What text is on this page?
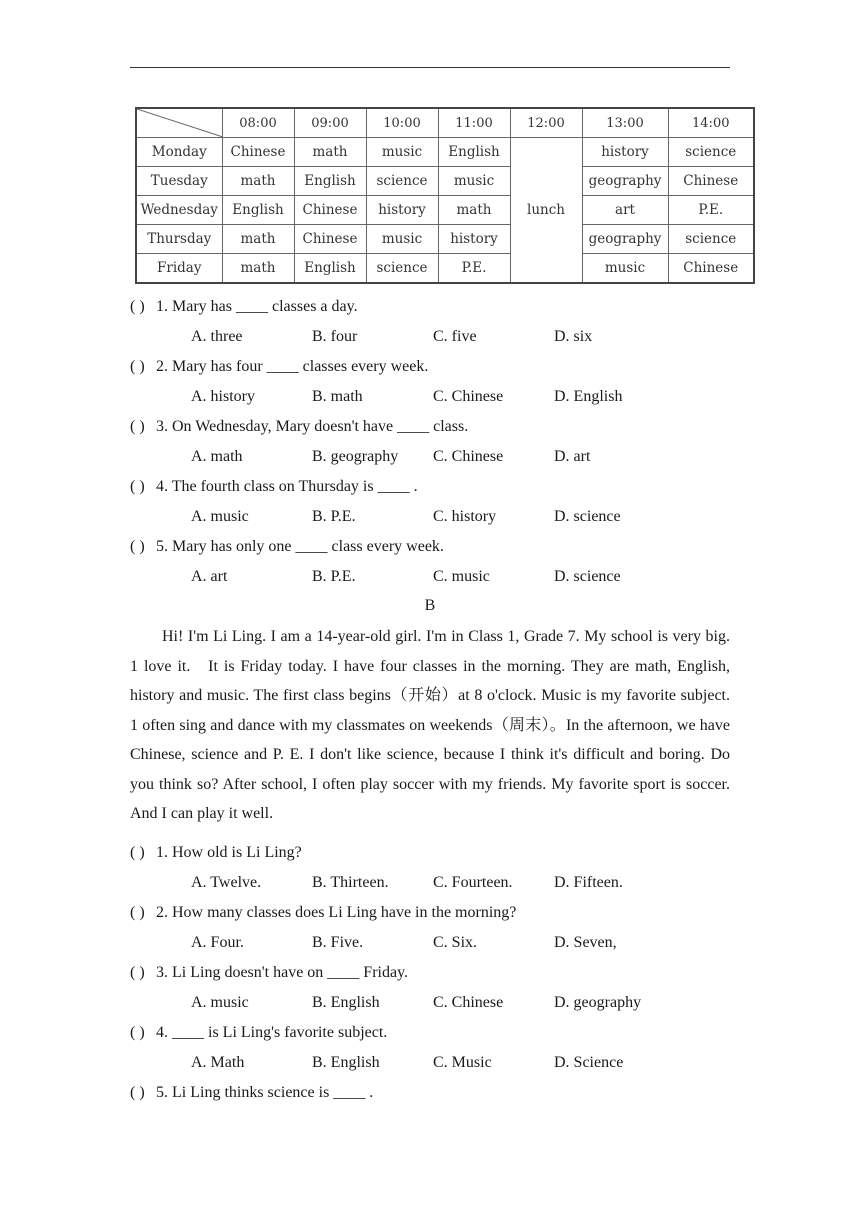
	08:00	09:00	10:00	11:00	12:00	13:00	14:00
Monday	Chinese	math	music	English	lunch	history	science
Tuesday	math	English	science	music		geography	Chinese
Wednesday	English	Chinese	history	math		art	P.E.
Thursday	math	Chinese	music	history		geography	science
Friday	math	English	science	P.E.		music	Chinese
( ) 1. Mary has ____ classes a day.
A. three	B. four	C. five	D. six
( ) 2. Mary has four ____ classes every week.
A. history	B. math	C. Chinese	D. English
( ) 3. On Wednesday, Mary doesn't have ____ class.
A. math	B. geography C. Chinese	D. art
( ) 4. The fourth class on Thursday is ____ .
A. music	B. P.E.	C. history	D. science
( ) 5. Mary has only one ____ class every week.
A. art	B. P.E.	C. music	D. science
B

Hi! I'm Li Ling. I am a 14-year-old girl. I'm in Class 1, Grade 7. My school is very big. 1 love it.   It is Friday today. I have four classes in the morning. They are math, English, history and music. The first class begins（开始）at 8 o'clock. Music is my favorite subject. 1 often sing and dance with my classmates on weekends（周末）。In the afternoon, we have Chinese, science and P. E. I don't like science, because I think it's difficult and boring. Do you think so? After school, I often play soccer with my friends. My favorite sport is soccer. And I can play it well.

( ) 1. How old is Li Ling?
A. Twelve.	B. Thirteen.	C. Fourteen.	D. Fifteen.
( ) 2. How many classes does Li Ling have in the morning?
A. Four.	B. Five.	C. Six.	D. Seven,
( ) 3. Li Ling doesn't have on ____ Friday.
A. music	B. English	C. Chinese	D. geography
( ) 4. ____ is Li Ling's favorite subject.
A. Math	B. English	C. Music	D. Science
( ) 5. Li Ling thinks science is ____ .
